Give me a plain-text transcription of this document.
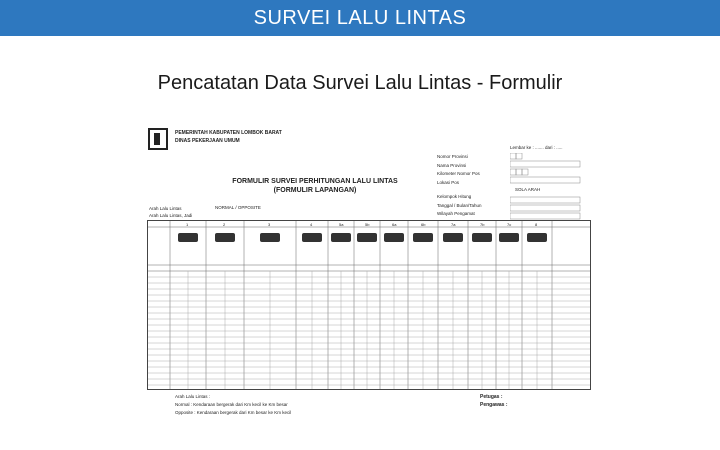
SURVEI LALU LINTAS
Pencatatan Data Survei Lalu Lintas - Formulir
PEMERINTAH KABUPATEN LOMBOK BARAT
DINAS PEKERJAAN UMUM
Lembar ke : ....... dari : .....
Nomor Provinsi
Nama Provinsi
Kilometer Nomor Pos
Lokasi Pos
Kelompok Hitung
Tanggal / Bulan/Tahun
Wilayah Pengamat
SOLA ARAH
FORMULIR SURVEI PERHITUNGAN LALU LINTAS
(FORMULIR LAPANGAN)
Arah Lalu Lintas
Arah Lalu Lintas, Jadi
NORMAL / OPPOSITE
1	2	3	4	5a	5b	6a	6b	7a	7b	7c	8
Arah Lalu Lintas :
Normal : Kendaraan bergerak dari Km kecil ke Km besar
Opposite : Kendaraan bergerak dari Km besar ke Km kecil
Petugas :
Pengawas :
